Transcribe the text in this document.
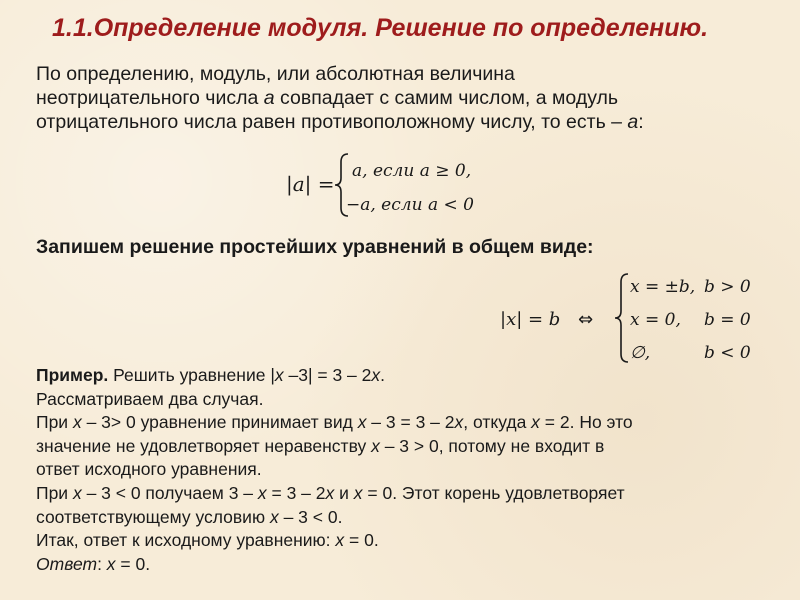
1.1.Определение модуля. Решение по определению.
По определению, модуль, или абсолютная величина
неотрицательного числа a совпадает с самим числом, а модуль
отрицательного числа равен противоположному числу, то есть – a:
|a| =
a, если a ≥ 0,
−a, если a < 0
Запишем решение простейших уравнений в общем виде:
|x| = b ⇔
x = ±b, b > 0
x = 0, b = 0
∅,	b < 0
Пример. Решить уравнение |x –3| = 3 – 2x.
Рассматриваем два случая.
При x – 3> 0 уравнение принимает вид x – 3 = 3 – 2x, откуда x = 2. Но это
значение не удовлетворяет неравенству x – 3 > 0, потому не входит в
ответ исходного уравнения.
При x – 3 < 0 получаем 3 – x = 3 – 2x и x = 0. Этот корень удовлетворяет
соответствующему условию x – 3 < 0.
Итак, ответ к исходному уравнению: x = 0.
Ответ: x = 0.
